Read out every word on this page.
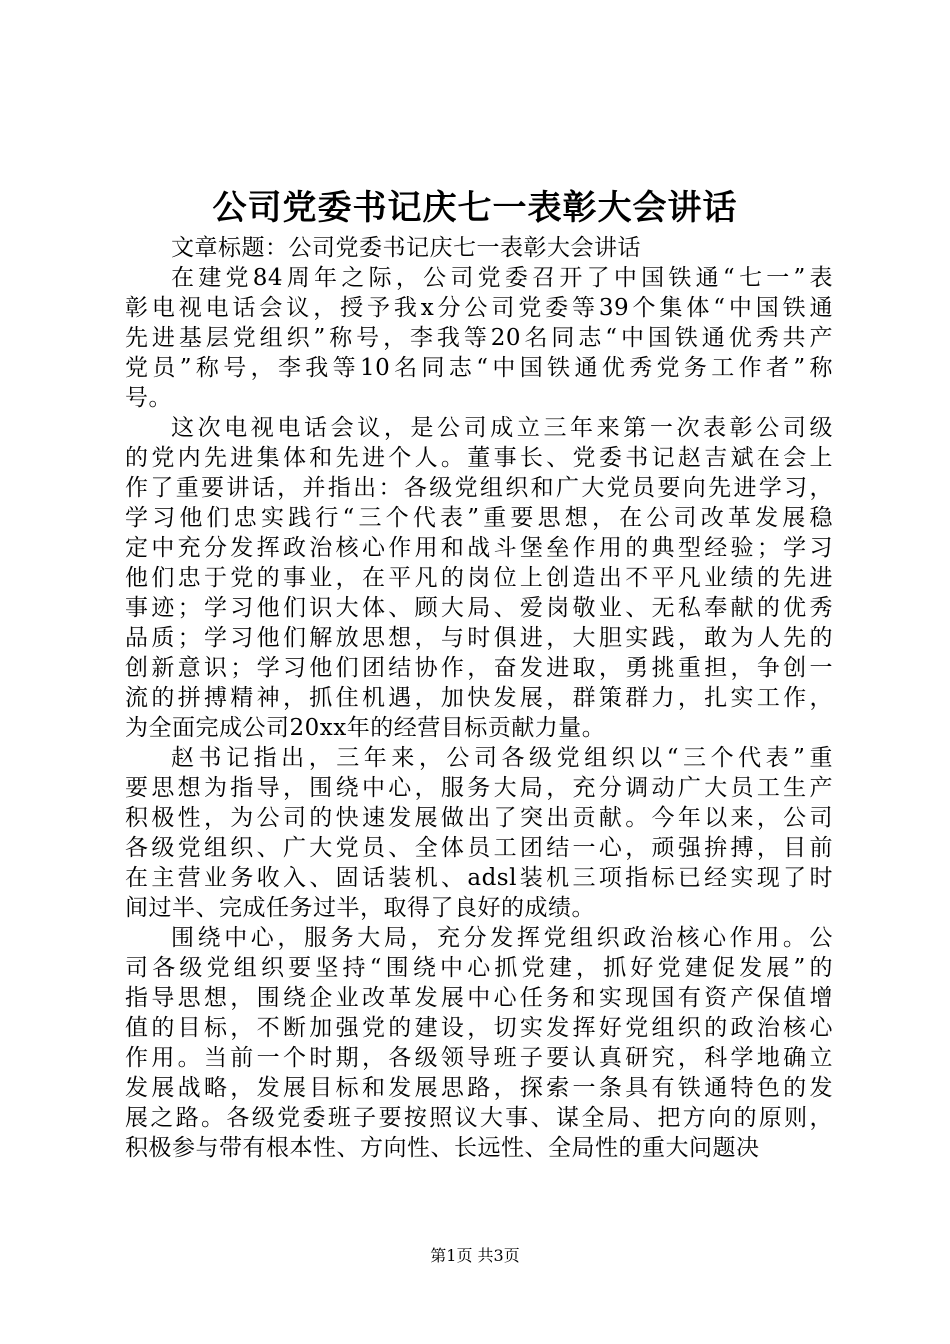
公司党委书记庆七一表彰大会讲话
文章标题：公司党委书记庆七一表彰大会讲话
在建党84周年之际，公司党委召开了中国铁通“七一”表
彰电视电话会议，授予我x分公司党委等39个集体“中国铁通
先进基层党组织”称号，李我等20名同志“中国铁通优秀共产
党员”称号，李我等10名同志“中国铁通优秀党务工作者”称
号。
这次电视电话会议，是公司成立三年来第一次表彰公司级
的党内先进集体和先进个人。董事长、党委书记赵吉斌在会上
作了重要讲话，并指出：各级党组织和广大党员要向先进学习，
学习他们忠实践行“三个代表”重要思想，在公司改革发展稳
定中充分发挥政治核心作用和战斗堡垒作用的典型经验；学习
他们忠于党的事业，在平凡的岗位上创造出不平凡业绩的先进
事迹；学习他们识大体、顾大局、爱岗敬业、无私奉献的优秀
品质；学习他们解放思想，与时俱进，大胆实践，敢为人先的
创新意识；学习他们团结协作，奋发进取，勇挑重担，争创一
流的拼搏精神，抓住机遇，加快发展，群策群力，扎实工作，
为全面完成公司20xx年的经营目标贡献力量。
赵书记指出，三年来，公司各级党组织以“三个代表”重
要思想为指导，围绕中心，服务大局，充分调动广大员工生产
积极性，为公司的快速发展做出了突出贡献。今年以来，公司
各级党组织、广大党员、全体员工团结一心，顽强拚搏，目前
在主营业务收入、固话装机、adsl装机三项指标已经实现了时
间过半、完成任务过半，取得了良好的成绩。
围绕中心，服务大局，充分发挥党组织政治核心作用。公
司各级党组织要坚持“围绕中心抓党建，抓好党建促发展”的
指导思想，围绕企业改革发展中心任务和实现国有资产保值增
值的目标，不断加强党的建设，切实发挥好党组织的政治核心
作用。当前一个时期，各级领导班子要认真研究，科学地确立
发展战略，发展目标和发展思路，探索一条具有铁通特色的发
展之路。各级党委班子要按照议大事、谋全局、把方向的原则，
积极参与带有根本性、方向性、长远性、全局性的重大问题决
第1页 共3页
